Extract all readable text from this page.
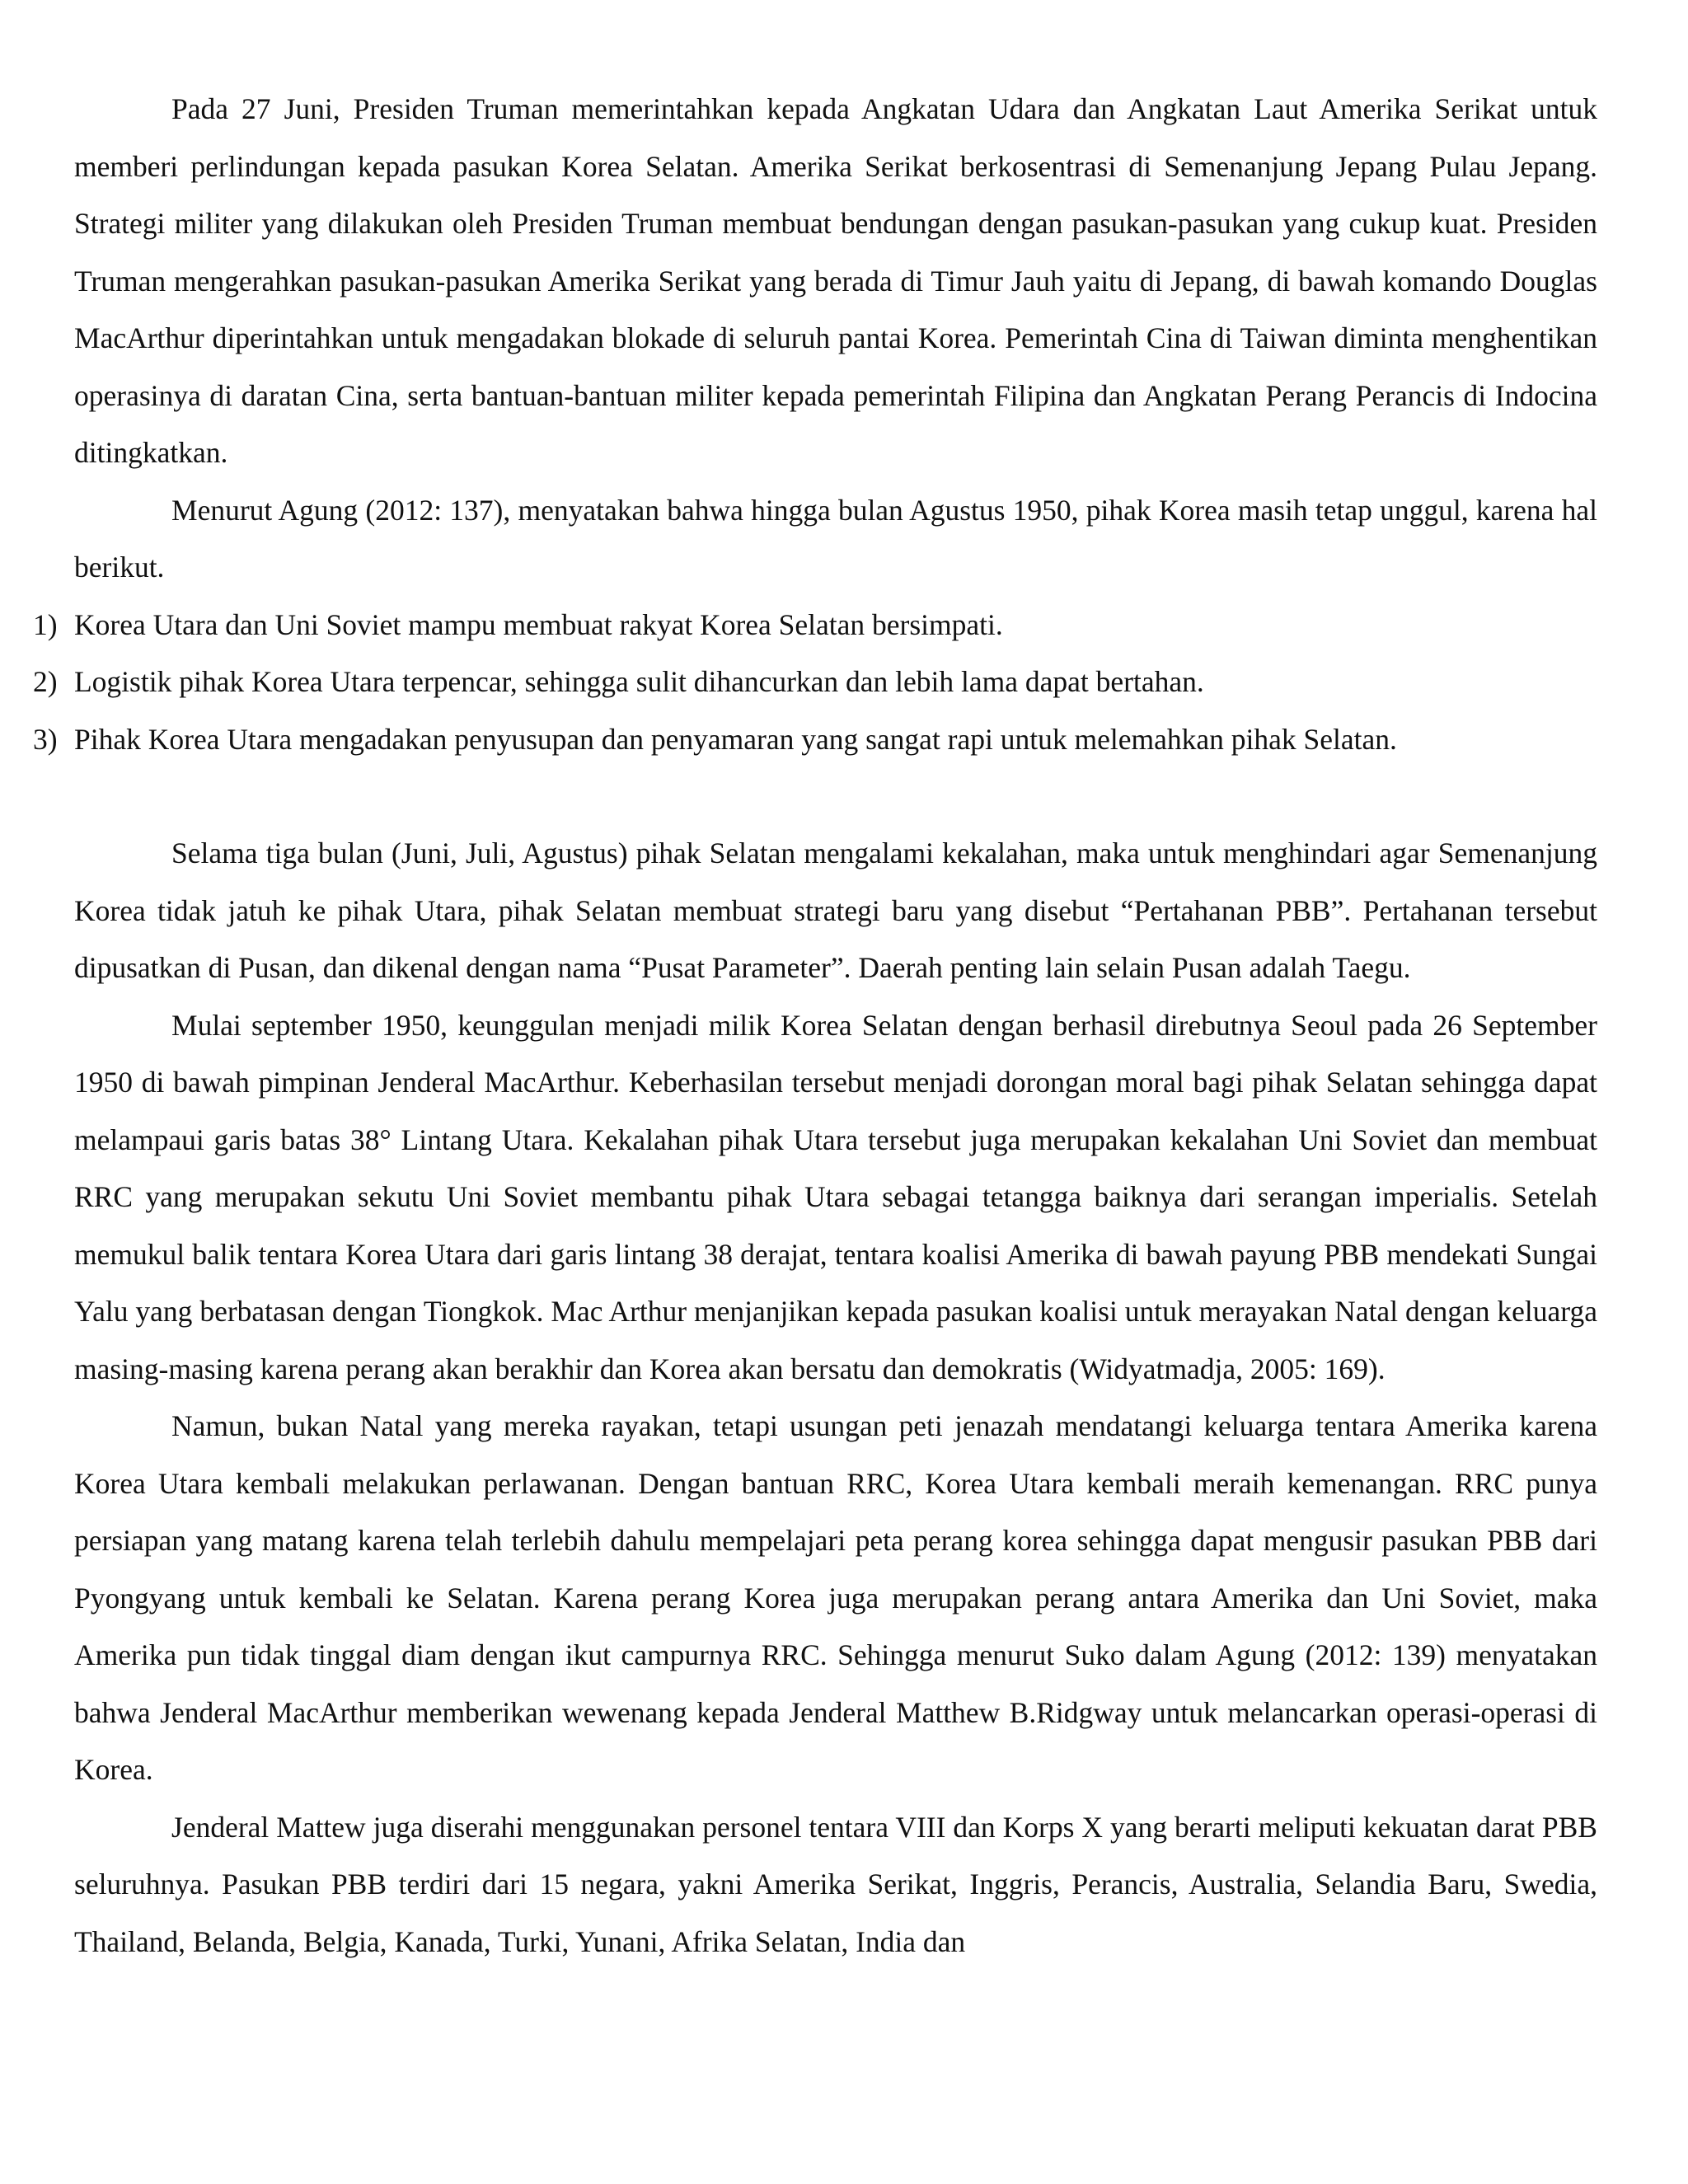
Pada 27 Juni, Presiden Truman memerintahkan kepada Angkatan Udara dan Angkatan Laut Amerika Serikat untuk memberi perlindungan kepada pasukan Korea Selatan. Amerika Serikat berkosentrasi di Semenanjung Jepang Pulau Jepang. Strategi militer yang dilakukan oleh Presiden Truman membuat bendungan dengan pasukan-pasukan yang cukup kuat. Presiden Truman mengerahkan pasukan-pasukan Amerika Serikat yang berada di Timur Jauh yaitu di Jepang, di bawah komando Douglas MacArthur diperintahkan untuk mengadakan blokade di seluruh pantai Korea. Pemerintah Cina di Taiwan diminta menghentikan operasinya di daratan Cina, serta bantuan-bantuan militer kepada pemerintah Filipina dan Angkatan Perang Perancis di Indocina ditingkatkan.

Menurut Agung (2012: 137), menyatakan bahwa hingga bulan Agustus 1950, pihak Korea masih tetap unggul, karena hal berikut.

1) Korea Utara dan Uni Soviet mampu membuat rakyat Korea Selatan bersimpati.
2) Logistik pihak Korea Utara terpencar, sehingga sulit dihancurkan dan lebih lama dapat bertahan.
3) Pihak Korea Utara mengadakan penyusupan dan penyamaran yang sangat rapi untuk melemahkan pihak Selatan.

Selama tiga bulan (Juni, Juli, Agustus) pihak Selatan mengalami kekalahan, maka untuk menghindari agar Semenanjung Korea tidak jatuh ke pihak Utara, pihak Selatan membuat strategi baru yang disebut “Pertahanan PBB”. Pertahanan tersebut dipusatkan di Pusan, dan dikenal dengan nama “Pusat Parameter”. Daerah penting lain selain Pusan adalah Taegu.

Mulai september 1950, keunggulan menjadi milik Korea Selatan dengan berhasil direbutnya Seoul pada 26 September 1950 di bawah pimpinan Jenderal MacArthur. Keberhasilan tersebut menjadi dorongan moral bagi pihak Selatan sehingga dapat melampaui garis batas 38° Lintang Utara. Kekalahan pihak Utara tersebut juga merupakan kekalahan Uni Soviet dan membuat RRC yang merupakan sekutu Uni Soviet membantu pihak Utara sebagai tetangga baiknya dari serangan imperialis. Setelah memukul balik tentara Korea Utara dari garis lintang 38 derajat, tentara koalisi Amerika di bawah payung PBB mendekati Sungai Yalu yang berbatasan dengan Tiongkok. Mac Arthur menjanjikan kepada pasukan koalisi untuk merayakan Natal dengan keluarga masing-masing karena perang akan berakhir dan Korea akan bersatu dan demokratis (Widyatmadja, 2005: 169).

Namun, bukan Natal yang mereka rayakan, tetapi usungan peti jenazah mendatangi keluarga tentara Amerika karena Korea Utara kembali melakukan perlawanan. Dengan bantuan RRC, Korea Utara kembali meraih kemenangan. RRC punya persiapan yang matang karena telah terlebih dahulu mempelajari peta perang korea sehingga dapat mengusir pasukan PBB dari Pyongyang untuk kembali ke Selatan. Karena perang Korea juga merupakan perang antara Amerika dan Uni Soviet, maka Amerika pun tidak tinggal diam dengan ikut campurnya RRC. Sehingga menurut Suko dalam Agung (2012: 139) menyatakan bahwa Jenderal MacArthur memberikan wewenang kepada Jenderal Matthew B.Ridgway untuk melancarkan operasi-operasi di Korea.

Jenderal Mattew juga diserahi menggunakan personel tentara VIII dan Korps X yang berarti meliputi kekuatan darat PBB seluruhnya. Pasukan PBB terdiri dari 15 negara, yakni Amerika Serikat, Inggris, Perancis, Australia, Selandia Baru, Swedia, Thailand, Belanda, Belgia, Kanada, Turki, Yunani, Afrika Selatan, India dan
